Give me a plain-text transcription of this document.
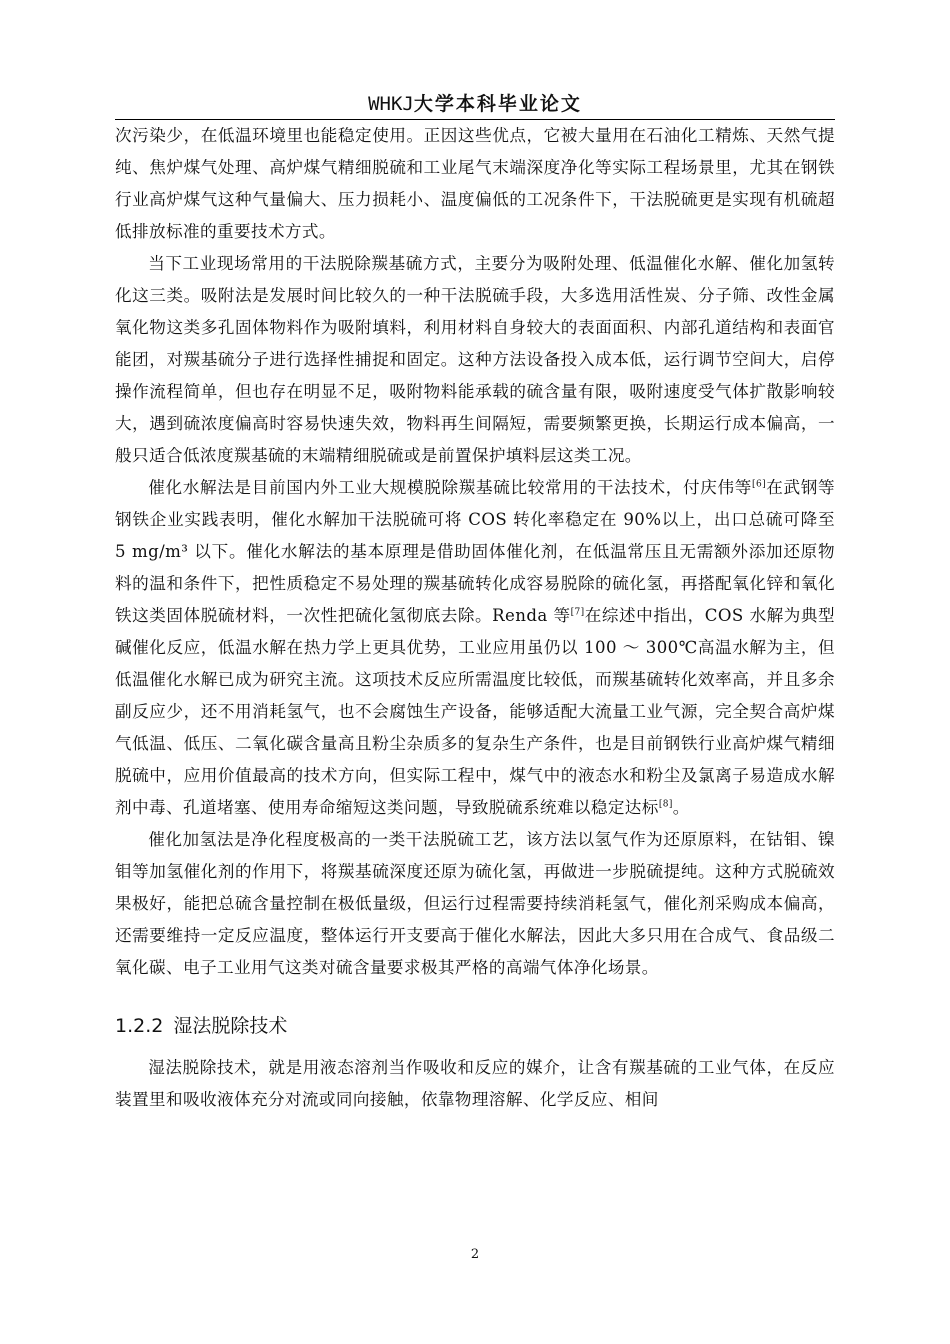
WHKJ大学本科毕业论文

次污染少，在低温环境里也能稳定使用。正因这些优点，它被大量用在石油化工精炼、天然气提纯、焦炉煤气处理、高炉煤气精细脱硫和工业尾气末端深度净化等实际工程场景里，尤其在钢铁行业高炉煤气这种气量偏大、压力损耗小、温度偏低的工况条件下，干法脱硫更是实现有机硫超低排放标准的重要技术方式。

当下工业现场常用的干法脱除羰基硫方式，主要分为吸附处理、低温催化水解、催化加氢转化这三类。吸附法是发展时间比较久的一种干法脱硫手段，大多选用活性炭、分子筛、改性金属氧化物这类多孔固体物料作为吸附填料，利用材料自身较大的表面面积、内部孔道结构和表面官能团，对羰基硫分子进行选择性捕捉和固定。这种方法设备投入成本低，运行调节空间大，启停操作流程简单，但也存在明显不足，吸附物料能承载的硫含量有限，吸附速度受气体扩散影响较大，遇到硫浓度偏高时容易快速失效，物料再生间隔短，需要频繁更换，长期运行成本偏高，一般只适合低浓度羰基硫的末端精细脱硫或是前置保护填料层这类工况。

催化水解法是目前国内外工业大规模脱除羰基硫比较常用的干法技术，付庆伟等[6]在武钢等钢铁企业实践表明，催化水解加干法脱硫可将 COS 转化率稳定在 90%以上，出口总硫可降至 5 mg/m³ 以下。催化水解法的基本原理是借助固体催化剂，在低温常压且无需额外添加还原物料的温和条件下，把性质稳定不易处理的羰基硫转化成容易脱除的硫化氢，再搭配氧化锌和氧化铁这类固体脱硫材料，一次性把硫化氢彻底去除。Renda 等[7]在综述中指出，COS 水解为典型碱催化反应，低温水解在热力学上更具优势，工业应用虽仍以 100 ～ 300℃高温水解为主，但低温催化水解已成为研究主流。这项技术反应所需温度比较低，而羰基硫转化效率高，并且多余副反应少，还不用消耗氢气，也不会腐蚀生产设备，能够适配大流量工业气源，完全契合高炉煤气低温、低压、二氧化碳含量高且粉尘杂质多的复杂生产条件，也是目前钢铁行业高炉煤气精细脱硫中，应用价值最高的技术方向，但实际工程中，煤气中的液态水和粉尘及氯离子易造成水解剂中毒、孔道堵塞、使用寿命缩短这类问题，导致脱硫系统难以稳定达标[8]。

催化加氢法是净化程度极高的一类干法脱硫工艺，该方法以氢气作为还原原料，在钴钼、镍钼等加氢催化剂的作用下，将羰基硫深度还原为硫化氢，再做进一步脱硫提纯。这种方式脱硫效果极好，能把总硫含量控制在极低量级，但运行过程需要持续消耗氢气，催化剂采购成本偏高，还需要维持一定反应温度，整体运行开支要高于催化水解法，因此大多只用在合成气、食品级二氧化碳、电子工业用气这类对硫含量要求极其严格的高端气体净化场景。

1.2.2 湿法脱除技术

湿法脱除技术，就是用液态溶剂当作吸收和反应的媒介，让含有羰基硫的工业气体，在反应装置里和吸收液体充分对流或同向接触，依靠物理溶解、化学反应、相间

2
